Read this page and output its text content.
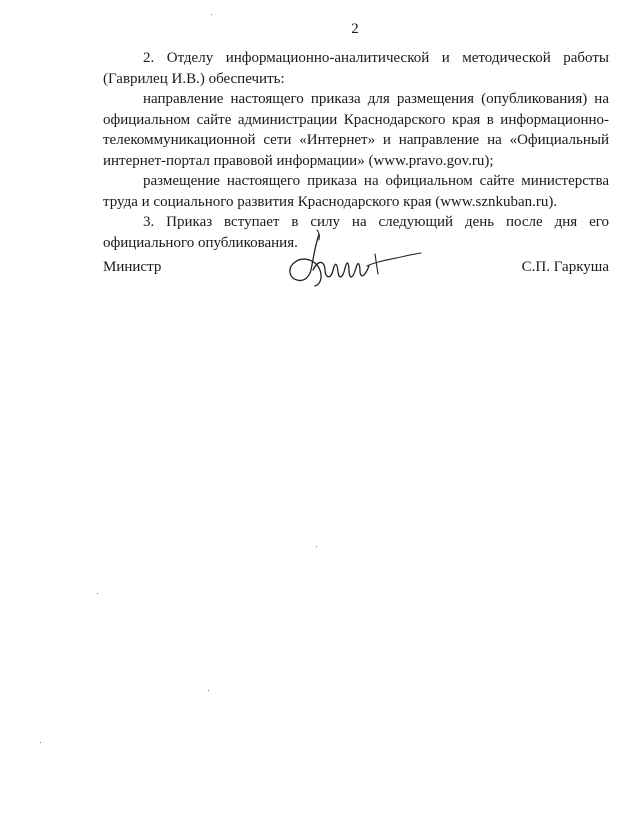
2

2. Отделу информационно-аналитической и методической работы (Гаврилец И.В.) обеспечить:

направление настоящего приказа для размещения (опубликования) на официальном сайте администрации Краснодарского края в информационно-телекоммуникационной сети «Интернет» и направление на «Официальный интернет-портал правовой информации» (www.pravo.gov.ru);

размещение настоящего приказа на официальном сайте министерства труда и социального развития Краснодарского края (www.sznkuban.ru).

3. Приказ вступает в силу на следующий день после дня его официального опубликования.

Министр	С.П. Гаркуша
